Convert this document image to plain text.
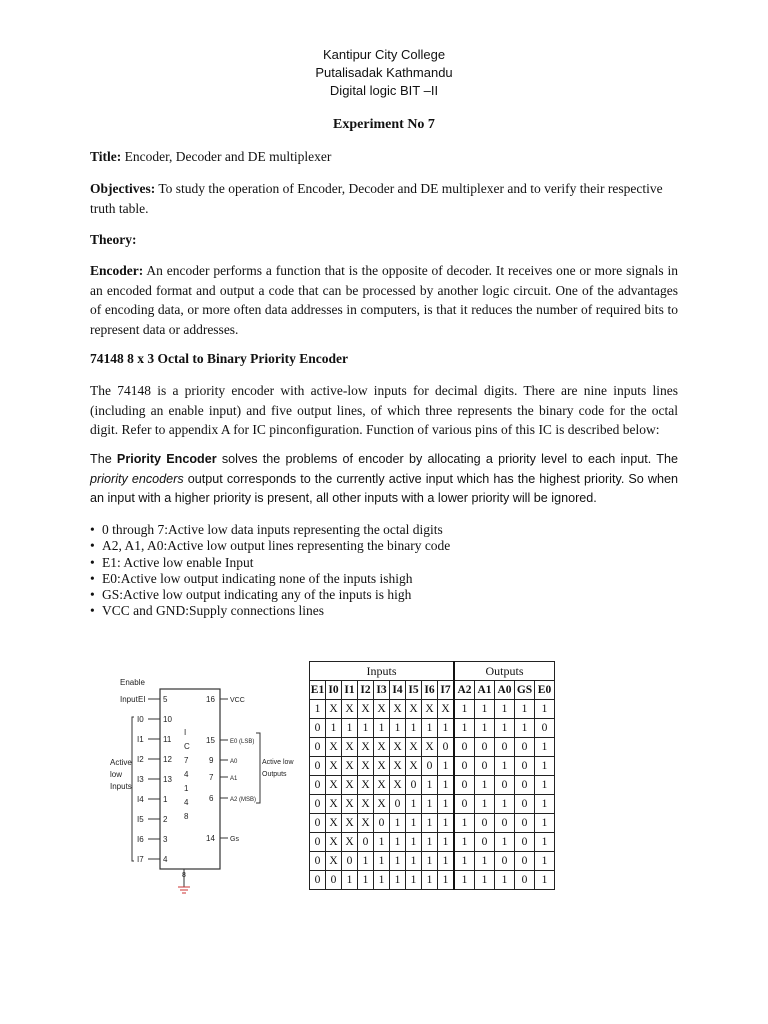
Kantipur City College
Putalisadak Kathmandu
Digital logic BIT –II
Experiment No 7
Title: Encoder, Decoder and DE multiplexer
Objectives: To study the operation of Encoder, Decoder and DE multiplexer and to verify their respective truth table.
Theory:
Encoder: An encoder performs a function that is the opposite of decoder. It receives one or more signals in an encoded format and output a code that can be processed by another logic circuit. One of the advantages of encoding data, or more often data addresses in computers, is that it reduces the number of required bits to represent data or addresses.
74148 8 x 3 Octal to Binary Priority Encoder
The 74148 is a priority encoder with active-low inputs for decimal digits. There are nine inputs lines (including an enable input) and five output lines, of which three represents the binary code for the octal digit. Refer to appendix A for IC pinconfiguration. Function of various pins of this IC is described below:
The Priority Encoder solves the problems of encoder by allocating a priority level to each input. The priority encoders output corresponds to the currently active input which has the highest priority. So when an input with a higher priority is present, all other inputs with a lower priority will be ignored.
• 0 through 7:Active low data inputs representing the octal digits
• A2, A1, A0:Active low output lines representing the binary code
• E1: Active low enable Input
• E0:Active low output indicating none of the inputs ishigh
• GS:Active low output indicating any of the inputs is high
• VCC and GND:Supply connections lines
Enable
Input EI
Active
low
Inputs
I0
I1
I2
I3
I4
I5
I6
I7
5
10
11
12
13
1
2
3
4
I
C
7
4
1
4
8
16
15
9
7
6
14
VCC
E0 (LSB)
A0
A1
A2 (MSB)
Gs
Active low
Outputs
8
Inputs									Outputs				
E1	I0	I1	I2	I3	I4	I5	I6	I7	A2	A1	A0	GS	E0
1	X	X	X	X	X	X	X	X	1	1	1	1	1
0	1	1	1	1	1	1	1	1	1	1	1	1	0
0	X	X	X	X	X	X	X	0	0	0	0	0	1
0	X	X	X	X	X	X	0	1	0	0	1	0	1
0	X	X	X	X	X	0	1	1	0	1	0	0	1
0	X	X	X	X	0	1	1	1	0	1	1	0	1
0	X	X	X	0	1	1	1	1	1	0	0	0	1
0	X	X	0	1	1	1	1	1	1	0	1	0	1
0	X	0	1	1	1	1	1	1	1	1	0	0	1
0	0	1	1	1	1	1	1	1	1	1	1	0	1
